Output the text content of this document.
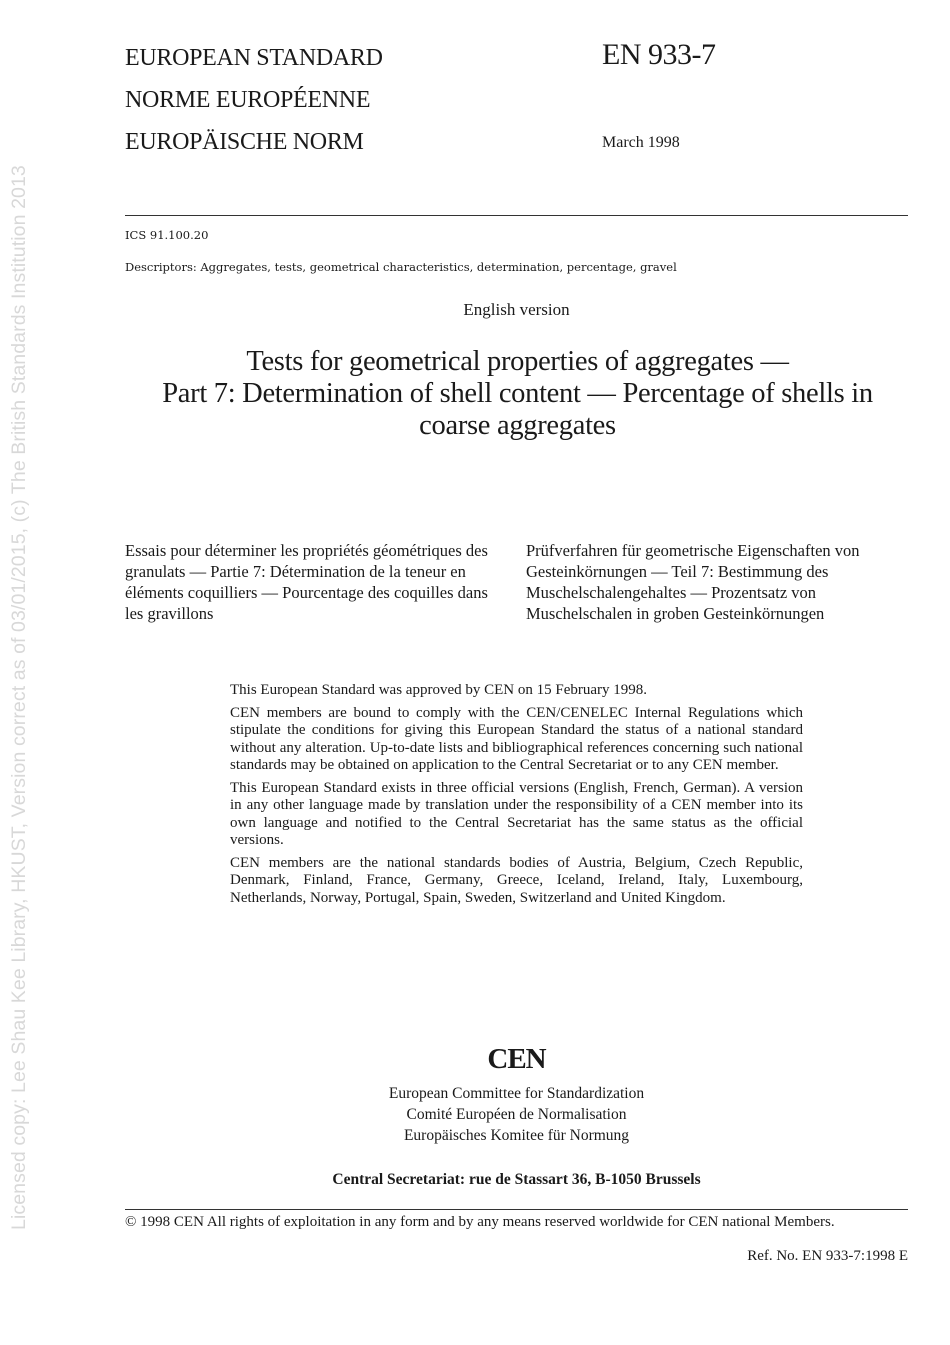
Licensed copy: Lee Shau Kee Library, HKUST, Version correct as of 03/01/2015, (c) The British Standards Institution 2013
EUROPEAN STANDARD
NORME EUROPÉENNE
EUROPÄISCHE NORM
EN 933-7
March 1998
ICS 91.100.20
Descriptors: Aggregates, tests, geometrical characteristics, determination, percentage, gravel
English version
Tests for geometrical properties of aggregates —
Part 7: Determination of shell content — Percentage of shells in
coarse aggregates
Essais pour déterminer les propriétés géométriques des granulats — Partie 7: Détermination de la teneur en éléments coquilliers — Pourcentage des coquilles dans les gravillons
Prüfverfahren für geometrische Eigenschaften von Gesteinkörnungen — Teil 7: Bestimmung des Muschelschalengehaltes — Prozentsatz von Muschelschalen in groben Gesteinkörnungen

This European Standard was approved by CEN on 15 February 1998.

CEN members are bound to comply with the CEN/CENELEC Internal Regulations which stipulate the conditions for giving this European Standard the status of a national standard without any alteration. Up-to-date lists and bibliographical references concerning such national standards may be obtained on application to the Central Secretariat or to any CEN member.

This European Standard exists in three official versions (English, French, German). A version in any other language made by translation under the responsibility of a CEN member into its own language and notified to the Central Secretariat has the same status as the official versions.

CEN members are the national standards bodies of Austria, Belgium, Czech Republic, Denmark, Finland, France, Germany, Greece, Iceland, Ireland, Italy, Luxembourg, Netherlands, Norway, Portugal, Spain, Sweden, Switzerland and United Kingdom.

CEN
European Committee for Standardization
Comité Européen de Normalisation
Europäisches Komitee für Normung
Central Secretariat: rue de Stassart 36, B-1050 Brussels
© 1998 CEN All rights of exploitation in any form and by any means reserved worldwide for CEN national Members.
Ref. No. EN 933-7:1998 E
